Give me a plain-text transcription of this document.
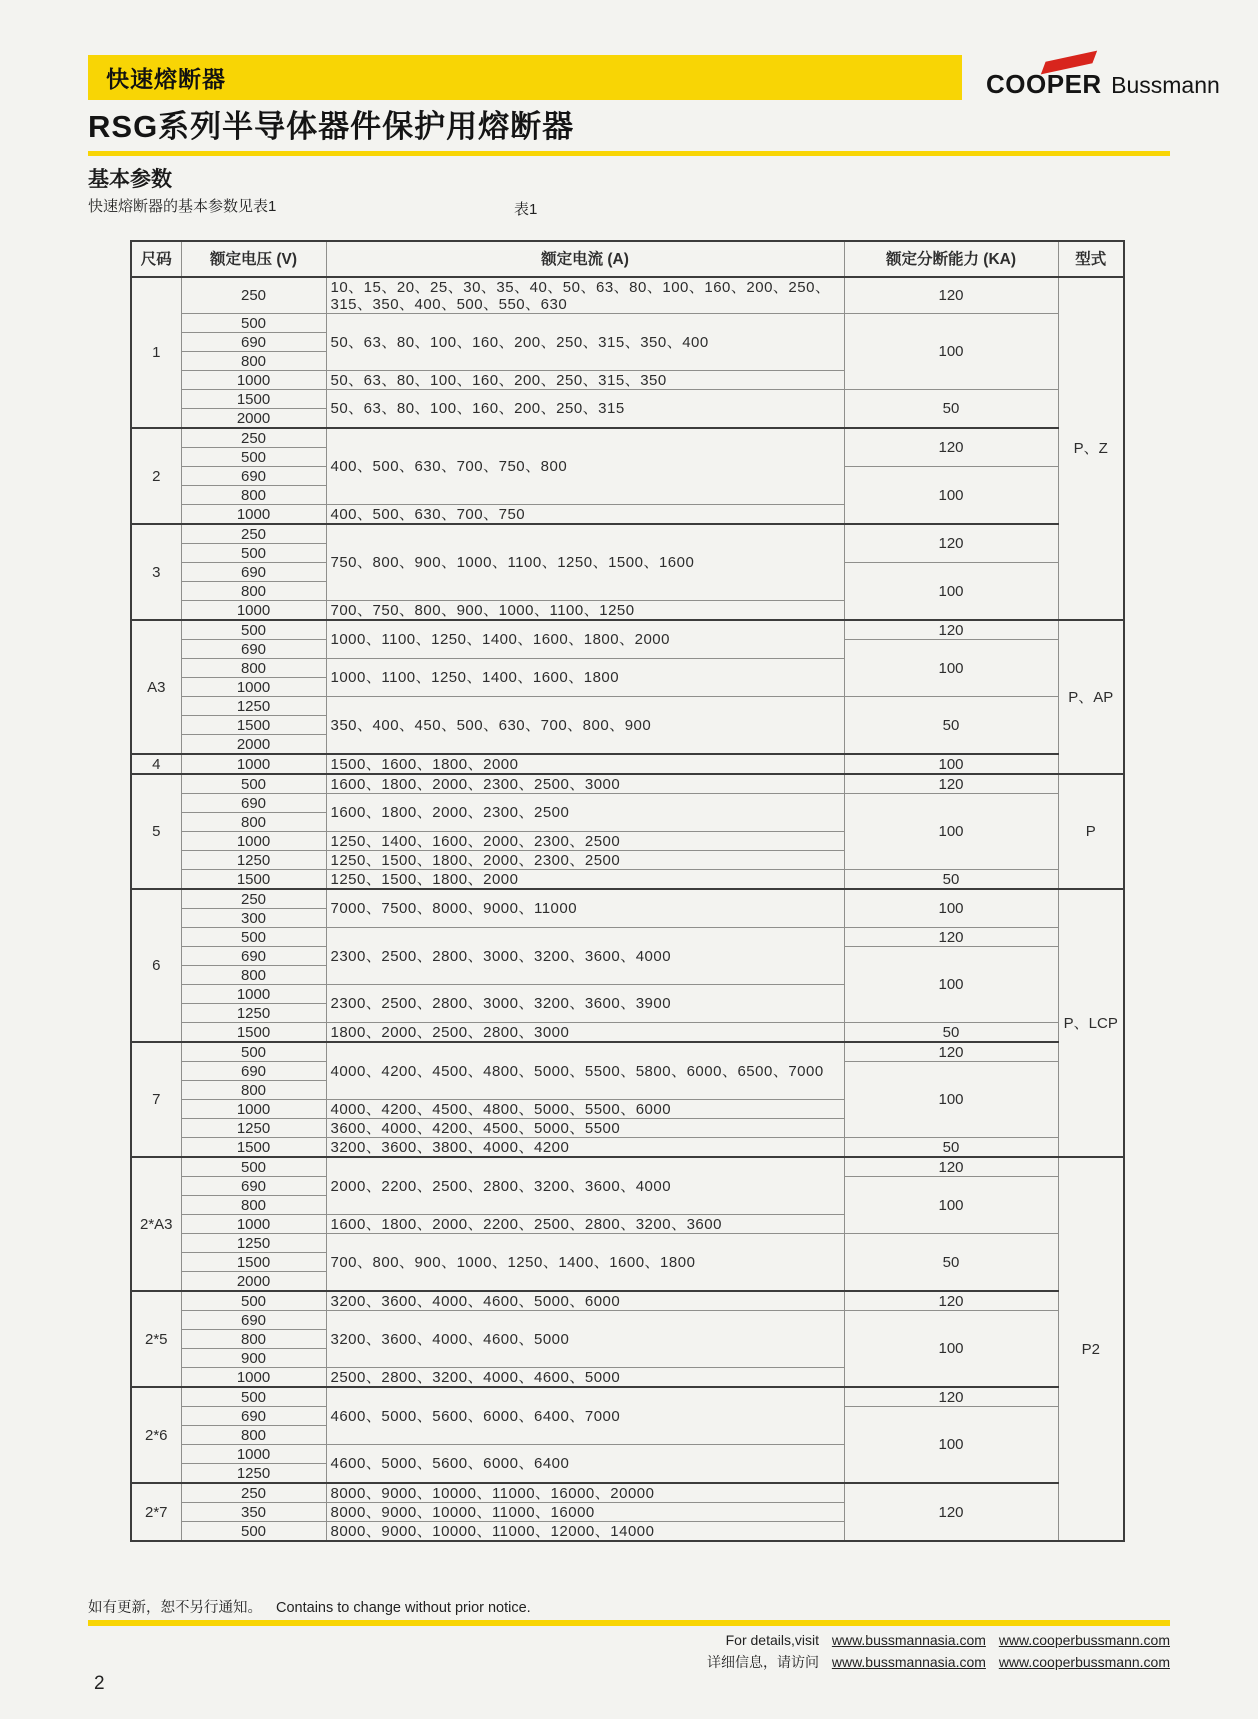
快速熔断器	COOPER Bussmann
RSG系列半导体器件保护用熔断器
基本参数
快速熔断器的基本参数见表1	表1
尺码	额定电压 (V)	额定电流 (A)	额定分断能力 (KA)	型式
1	250	10、15、20、25、30、35、40、50、63、80、100、160、200、250、315、350、400、500、550、630	120	P、Z
	500	50、63、80、100、160、200、250、315、350、400	100	
	690			
	800			
	1000	50、63、80、100、160、200、250、315、350		
	1500	50、63、80、100、160、200、250、315	50	
	2000			
2	250	400、500、630、700、750、800	120	
	500			
	690		100	
	800			
	1000	400、500、630、700、750		
3	250	750、800、900、1000、1100、1250、1500、1600	120	
	500			
	690		100	
	800			
	1000	700、750、800、900、1000、1100、1250		
A3	500	1000、1100、1250、1400、1600、1800、2000	120	P、AP
	690		100	
	800	1000、1100、1250、1400、1600、1800		
	1000			
	1250	350、400、450、500、630、700、800、900	50	
	1500			
	2000			
4	1000	1500、1600、1800、2000	100	
5	500	1600、1800、2000、2300、2500、3000	120	P
	690	1600、1800、2000、2300、2500	100	
	800			
	1000	1250、1400、1600、2000、2300、2500		
	1250	1250、1500、1800、2000、2300、2500		
	1500	1250、1500、1800、2000	50	
6	250	7000、7500、8000、9000、11000	100	P、LCP
	300			
	500	2300、2500、2800、3000、3200、3600、4000	120	
	690		100	
	800			
	1000	2300、2500、2800、3000、3200、3600、3900		
	1250			
	1500	1800、2000、2500、2800、3000	50	
7	500	4000、4200、4500、4800、5000、5500、5800、6000、6500、7000	120	
	690		100	
	800			
	1000	4000、4200、4500、4800、5000、5500、6000		
	1250	3600、4000、4200、4500、5000、5500		
	1500	3200、3600、3800、4000、4200	50	
2*A3	500	2000、2200、2500、2800、3200、3600、4000	120	P2
	690		100	
	800			
	1000	1600、1800、2000、2200、2500、2800、3200、3600		
	1250	700、800、900、1000、1250、1400、1600、1800	50	
	1500			
	2000			
2*5	500	3200、3600、4000、4600、5000、6000	120	
	690	3200、3600、4000、4600、5000	100	
	800			
	900			
	1000	2500、2800、3200、4000、4600、5000		
2*6	500	4600、5000、5600、6000、6400、7000	120	
	690		100	
	800			
	1000	4600、5000、5600、6000、6400		
	1250			
2*7	250	8000、9000、10000、11000、16000、20000	120	
	350	8000、9000、10000、11000、16000		
	500	8000、9000、10000、11000、12000、14000		
如有更新，恕不另行通知。 Contains to change without prior notice.
For details,visit www.bussmannasia.com www.cooperbussmann.com
详细信息，请访问 www.bussmannasia.com www.cooperbussmann.com
2
